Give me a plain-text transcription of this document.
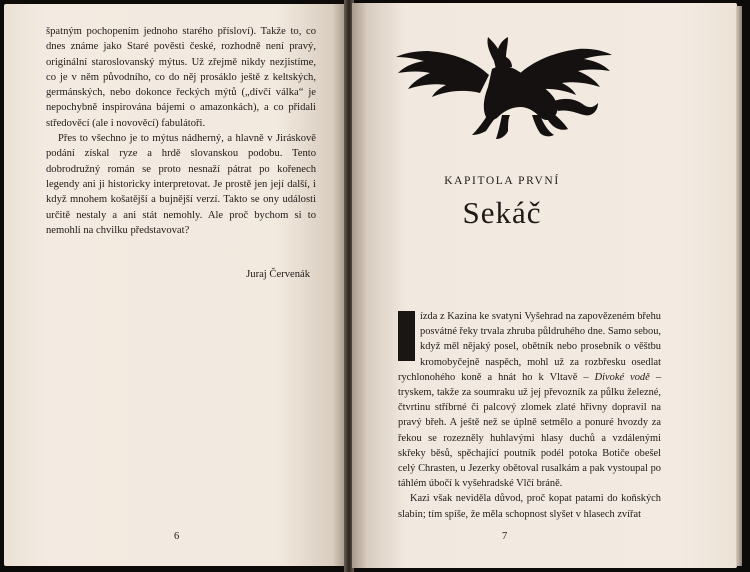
špatným pochopením jednoho starého přísloví). Takže to, co dnes známe jako Staré pověsti české, rozhodně není pravý, originální staroslovanský mýtus. Už zřejmě nikdy nezjistíme, co je v něm původního, co do něj prosáklo ještě z keltských, germánských, nebo dokonce řeckých mýtů („dívčí válka“ je nepochybně inspirována bájemi o amazonkách), a co přidali středověcí (ale i novověcí) fabulátoři.

Přes to všechno je to mýtus nádherný, a hlavně v Jiráskově podání získal ryze a hrdě slovanskou podobu. Tento dobrodružný román se proto nesnaží pátrat po kořenech legendy ani ji historicky interpretovat. Je prostě jen její další, i když mnohem košatější a bujnější verzí. Takto se ony události určitě nestaly a ani stát nemohly. Ale proč bychom si to nemohli na chvilku představovat?

Juraj Červenák
6
KAPITOLA PRVNÍ
Sekáč

ízda z Kazína ke svatyni Vyšehrad na zapovězeném břehu posvátné řeky trvala zhruba půldruhého dne. Samo sebou, když měl nějaký posel, obětník nebo prosebník o věštbu kromobyčejně naspěch, mohl už za rozbřesku osedlat rychlonohého koně a hnát ho k Vltavě – Divoké vodě – tryskem, takže za soumraku už jej převozník za půlku železné, čtvrtinu stříbrné či palcový zlomek zlaté hřivny dopravil na pravý břeh. A ještě než se úplně setmělo a ponuré hvozdy za řekou se rozezněly huhlavými hlasy duchů a vzdálenými skřeky běsů, spěchající poutník podél potoka Botiče obešel celý Chrasten, u Jezerky obětoval rusalkám a pak vystoupal po táhlém úbočí k vyšehradské Vlčí bráně.

Kazi však neviděla důvod, proč kopat patami do koňských slabin; tím spíše, že měla schopnost slyšet v hlasech zvířat

7
